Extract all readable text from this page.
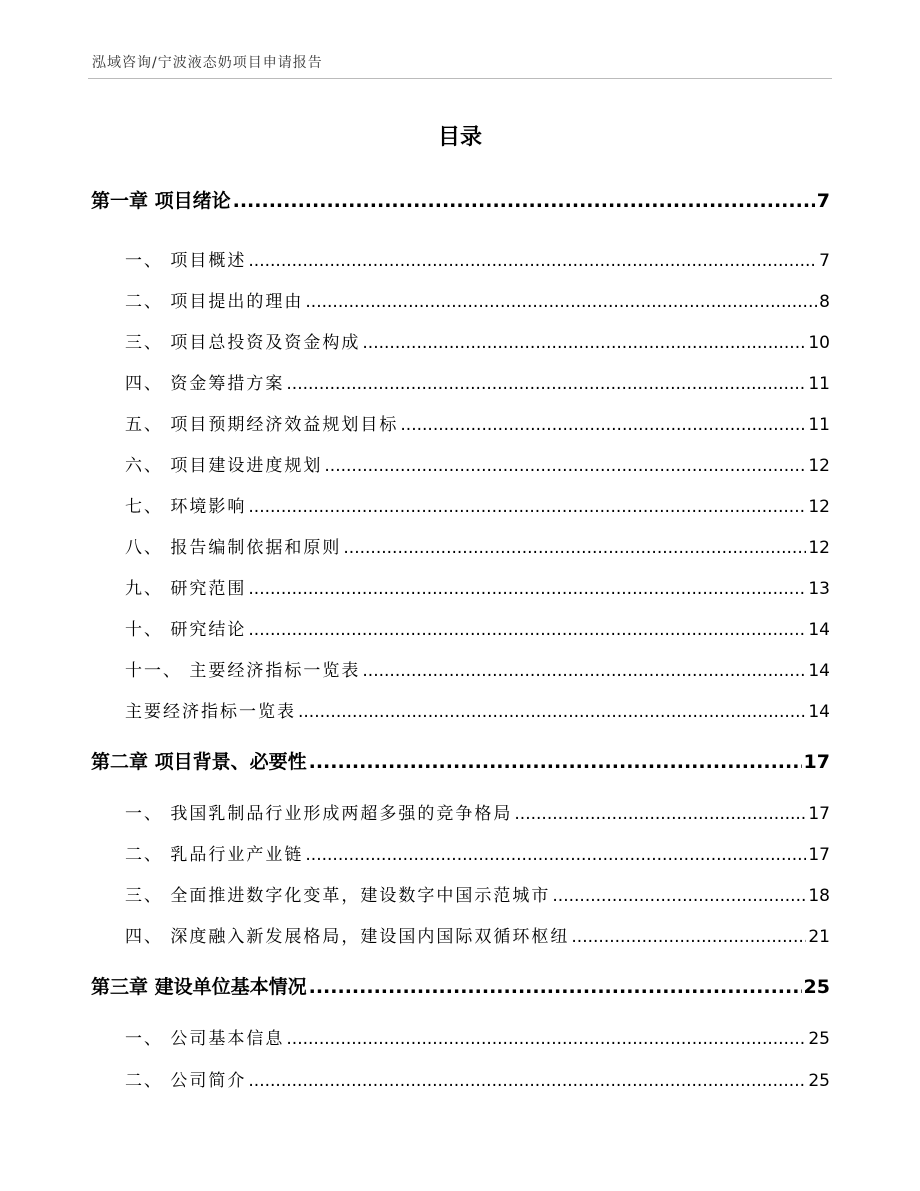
泓域咨询/宁波液态奶项目申请报告
目录
第一章 项目绪论 .....	7
一、 项目概述 .....	7
二、 项目提出的理由 .....	8
三、 项目总投资及资金构成 .....	10
四、 资金筹措方案 .....	11
五、 项目预期经济效益规划目标 .....	11
六、 项目建设进度规划 .....	12
七、 环境影响 .....	12
八、 报告编制依据和原则 .....	12
九、 研究范围 .....	13
十、 研究结论 .....	14
十一、 主要经济指标一览表 .....	14
主要经济指标一览表 .....	14
第二章 项目背景、必要性 .....	17
一、 我国乳制品行业形成两超多强的竞争格局 .....	17
二、 乳品行业产业链 .....	17
三、 全面推进数字化变革，建设数字中国示范城市 .....	18
四、 深度融入新发展格局，建设国内国际双循环枢纽 .....	21
第三章 建设单位基本情况 .....	25
一、 公司基本信息 .....	25
二、 公司简介 .....	25
